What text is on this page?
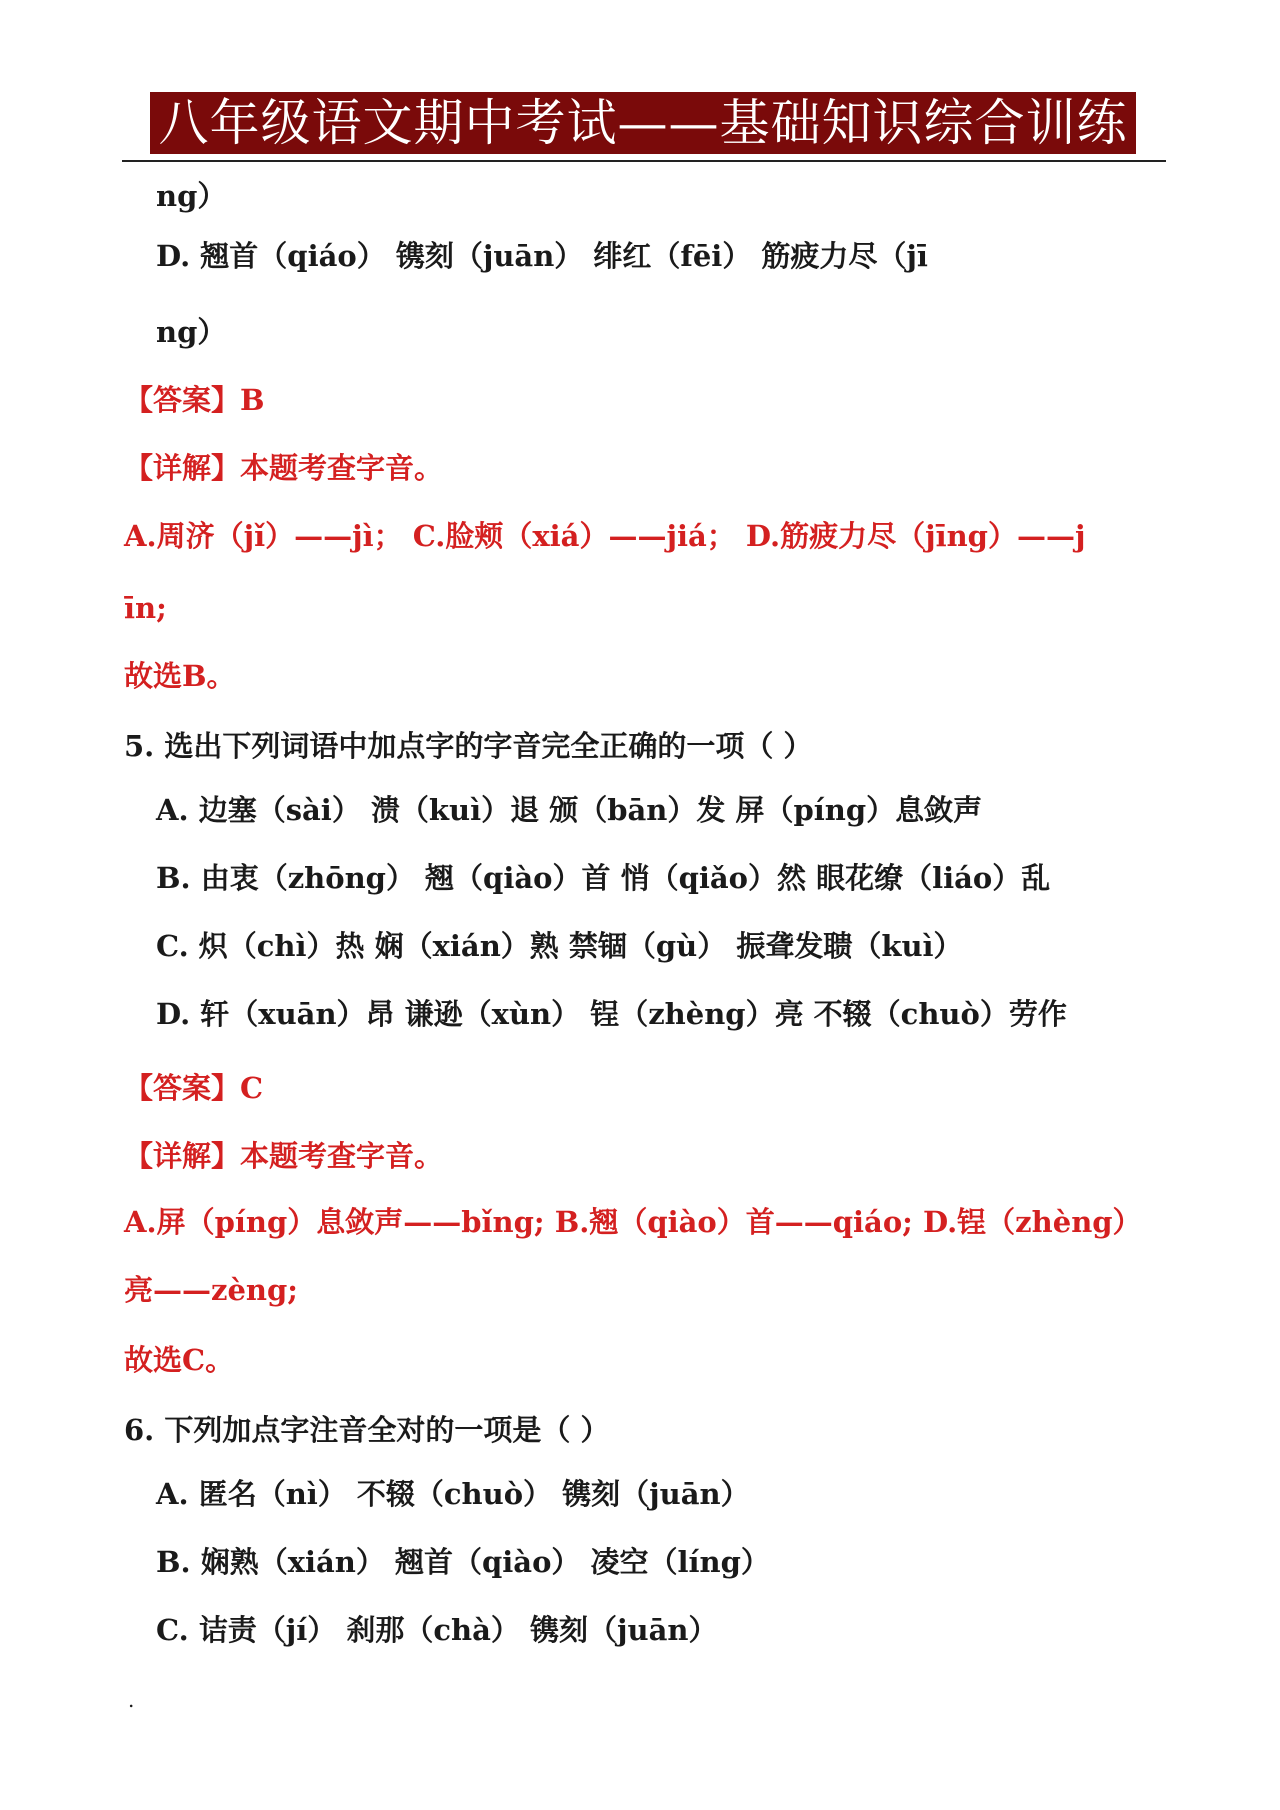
八年级语文期中考试——基础知识综合训练
ng）
D. 翘首（qiáo） 镌刻（juān） 绯红（fēi） 筋疲力尽（jī
ng）
【答案】B
【详解】本题考查字音。
A.周济（jǐ）——jì； C.脸颊（xiá）——jiá； D.筋疲力尽（jīng）——j
īn;
故选B。
5. 选出下列词语中加点字的字音完全正确的一项（ ）
A. 边塞（sài） 溃（kuì）退 颁（bān）发 屏（píng）息敛声
B. 由衷（zhōng） 翘（qiào）首 悄（qiǎo）然 眼花缭（liáo）乱
C. 炽（chì）热 娴（xián）熟 禁锢（gù） 振聋发聩（kuì）
D. 轩（xuān）昂 谦逊（xùn） 锃（zhèng）亮 不辍（chuò）劳作
【答案】C
【详解】本题考查字音。
A.屏（píng）息敛声——bǐng; B.翘（qiào）首——qiáo; D.锃（zhèng）
亮——zèng;
故选C。
6. 下列加点字注音全对的一项是（ ）
A. 匿名（nì） 不辍（chuò） 镌刻（juān）
B. 娴熟（xián） 翘首（qiào） 凌空（líng）
C. 诘责（jí） 刹那（chà） 镌刻（juān）
.
